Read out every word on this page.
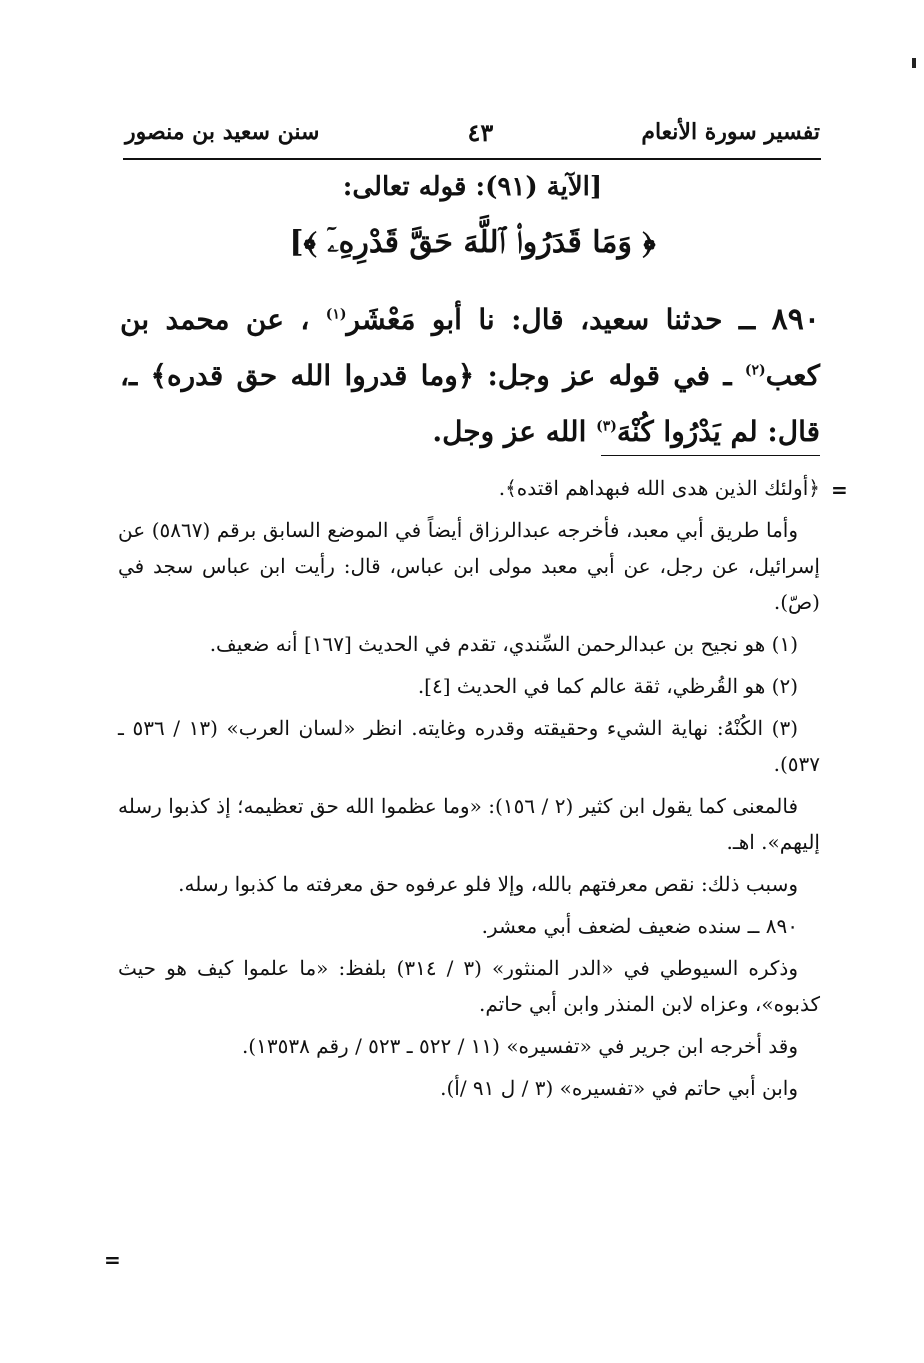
تفسير سورة الأنعام
٤٣
سنن سعيد بن منصور
[الآية (٩١): قوله تعالى:
﴿ وَمَا قَدَرُوا۟ ٱللَّهَ حَقَّ قَدْرِهِۦٓ ﴾]

٨٩٠ ــ حدثنا سعيد، قال: نا أبو مَعْشَر$^{(١)}$ ، عن محمد بن كعب$^{(٢)}$ ـ في قوله عز وجل: ﴿وما قدروا الله حق قدره﴾ ـ، قال: لم يَدْرُوا كُنْهَ$^{(٣)}$ الله عز وجل.

=

﴿أولئك الذين هدى الله فبهداهم اقتده﴾.

وأما طريق أبي معبد، فأخرجه عبدالرزاق أيضاً في الموضع السابق برقم (٥٨٦٧) عن إسرائيل، عن رجل، عن أبي معبد مولى ابن عباس، قال: رأيت ابن عباس سجد في (صّ).

(١) هو نجيح بن عبدالرحمن السِّندي، تقدم في الحديث [١٦٧] أنه ضعيف.

(٢) هو القُرظي، ثقة عالم كما في الحديث [٤].

(٣) الكُنْهُ: نهاية الشيء وحقيقته وقدره وغايته. انظر «لسان العرب» (١٣ / ٥٣٦ ـ ٥٣٧).

فالمعنى كما يقول ابن كثير (٢ / ١٥٦): «وما عظموا الله حق تعظيمه؛ إذ كذبوا رسله إليهم». اهـ.

وسبب ذلك: نقص معرفتهم بالله، وإلا فلو عرفوه حق معرفته ما كذبوا رسله.

٨٩٠ ــ سنده ضعيف لضعف أبي معشر.

وذكره السيوطي في «الدر المنثور» (٣ / ٣١٤) بلفظ: «ما علموا كيف هو حيث كذبوه»، وعزاه لابن المنذر وابن أبي حاتم.

وقد أخرجه ابن جرير في «تفسيره» (١١ / ٥٢٢ ـ ٥٢٣ / رقم ١٣٥٣٨).

وابن أبي حاتم في «تفسيره» (٣ / ل ٩١ /أ).

=
